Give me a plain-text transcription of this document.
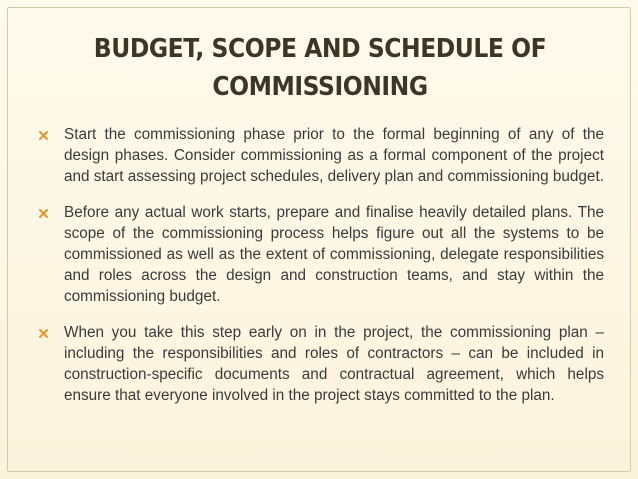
BUDGET, SCOPE AND SCHEDULE OF
COMMISSIONING
Start the commissioning phase prior to the formal beginning of any of the design phases. Consider commissioning as a formal component of the project and start assessing project schedules, delivery plan and commissioning budget.
Before any actual work starts, prepare and finalise heavily detailed plans. The scope of the commissioning process helps figure out all the systems to be commissioned as well as the extent of commissioning, delegate responsibilities and roles across the design and construction teams, and stay within the commissioning budget.
When you take this step early on in the project, the commissioning plan – including the responsibilities and roles of contractors – can be included in construction-specific documents and contractual agreement, which helps ensure that everyone involved in the project stays committed to the plan.
